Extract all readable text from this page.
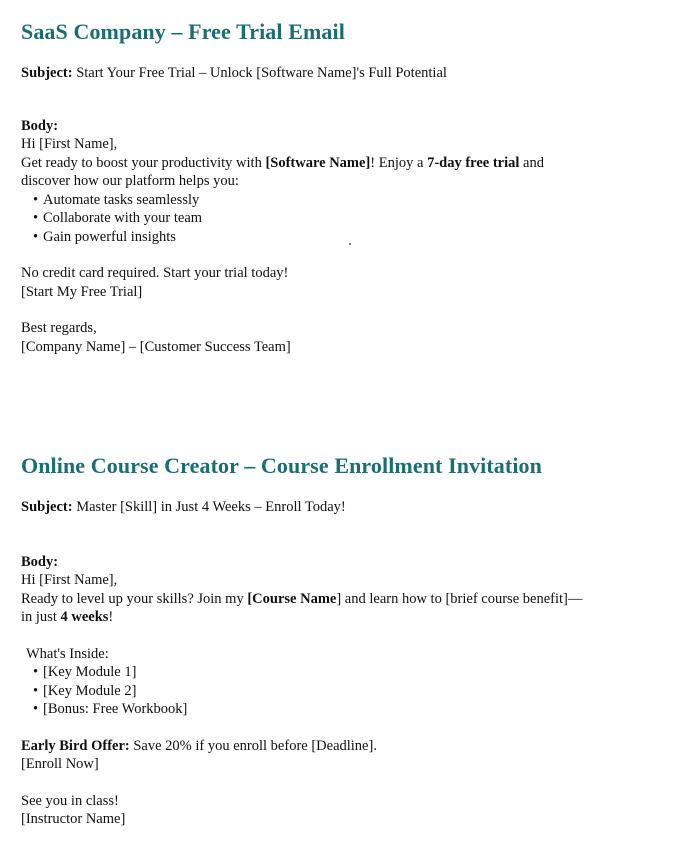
SaaS Company – Free Trial Email
Subject: Start Your Free Trial – Unlock [Software Name]'s Full Potential
Body:
Hi [First Name],
Get ready to boost your productivity with [Software Name]! Enjoy a 7-day free trial and
discover how our platform helps you:
• Automate tasks seamlessly
• Collaborate with your team
• Gain powerful insights
No credit card required. Start your trial today!
[Start My Free Trial]
Best regards,
[Company Name] – [Customer Success Team]
Online Course Creator – Course Enrollment Invitation
Subject: Master [Skill] in Just 4 Weeks – Enroll Today!
Body:
Hi [First Name],
Ready to level up your skills? Join my [Course Name] and learn how to [brief course benefit]—
in just 4 weeks!
What's Inside:
• [Key Module 1]
• [Key Module 2]
• [Bonus: Free Workbook]
Early Bird Offer: Save 20% if you enroll before [Deadline].
[Enroll Now]
See you in class!
[Instructor Name]
